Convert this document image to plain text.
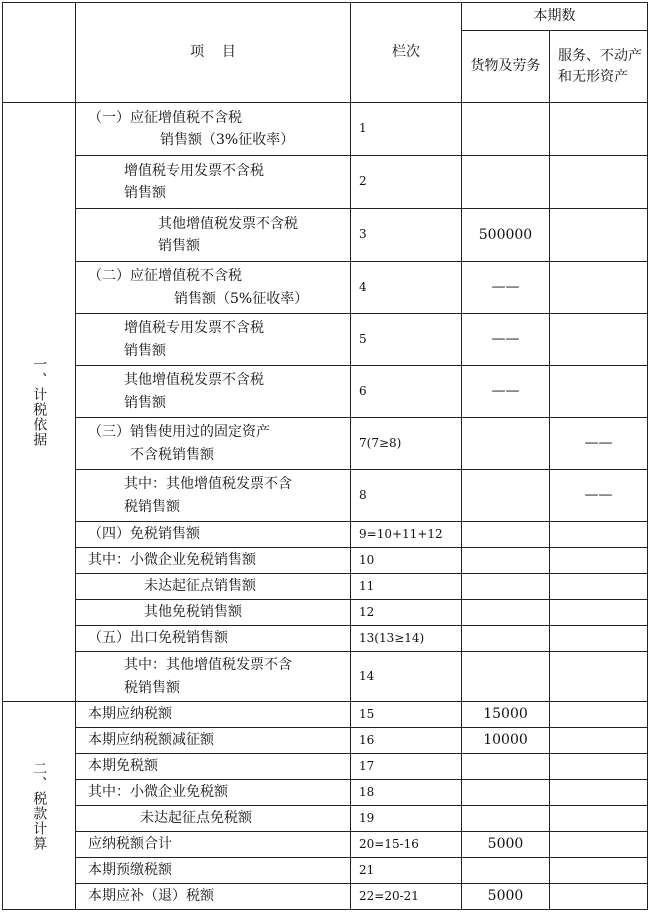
	项    目	栏次	本期数	
			货物及劳务	服务、不动产和无形资产

一、计税依据	（一）应征增值税不含税
销售额（3%征收率）	1		

	增值税专用发票不含税
销售额	2		

	其他增值税发票不含税
销售额	3	500000	

	（二）应征增值税不含税
销售额（5%征收率）	4	——	

	增值税专用发票不含税
销售额	5	——	

	其他增值税发票不含税
销售额	6	——	

	（三）销售使用过的固定资产
不含税销售额	7(7≥8)		——

	其中：其他增值税发票不含
税销售额	8		——
	（四）免税销售额	9=10+11+12		
	其中：小微企业免税销售额	10		
	未达起征点销售额	11		
	其他免税销售额	12		
	（五）出口免税销售额	13(13≥14)		

	其中：其他增值税发票不含
税销售额	14		

二、税款计算	本期应纳税额	15	15000	
	本期应纳税额减征额	16	10000	
	本期免税额	17		
	其中：小微企业免税额	18		
	未达起征点免税额	19		
	应纳税额合计	20=15-16	5000	
	本期预缴税额	21		
	本期应补（退）税额	22=20-21	5000	
